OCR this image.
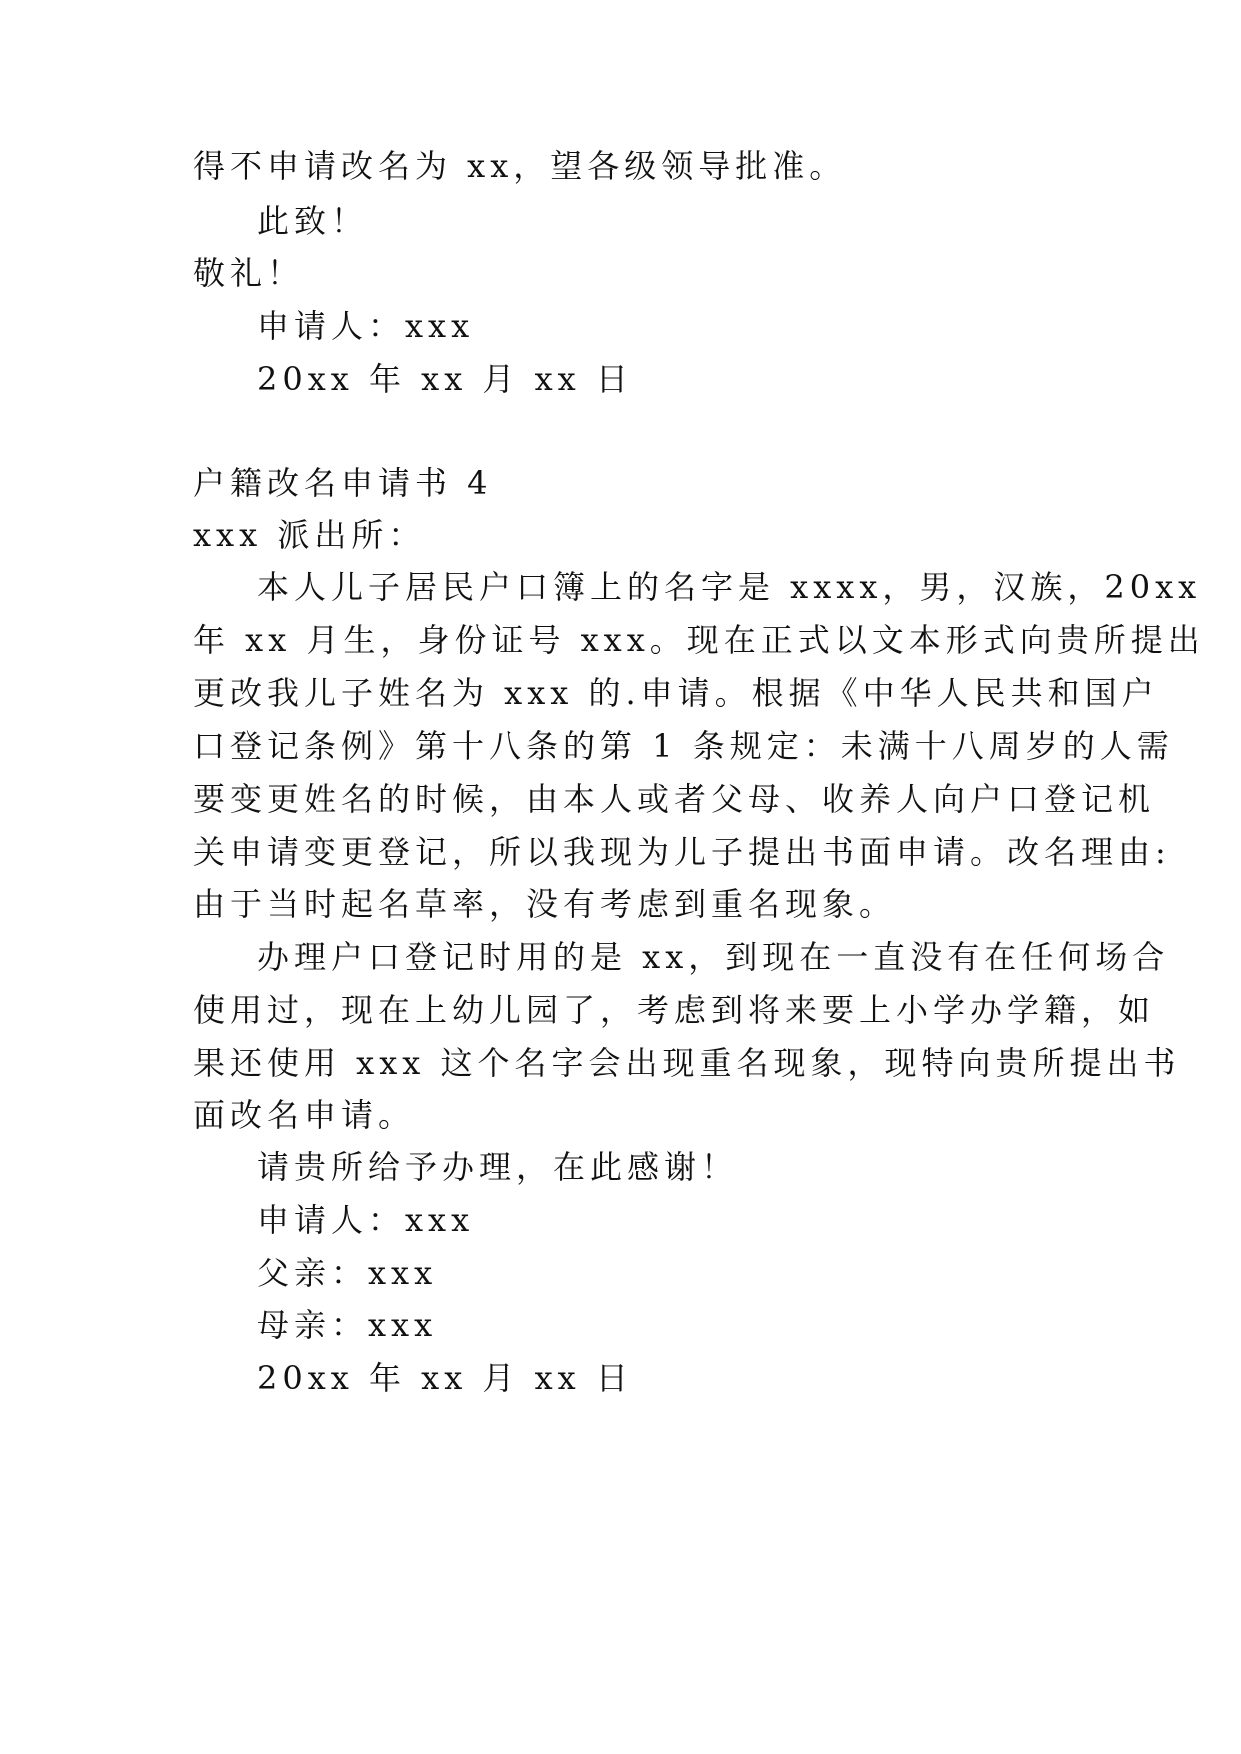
得不申请改名为 xx，望各级领导批准。
此致！
敬礼！
申请人：xxx
20xx 年 xx 月 xx 日
户籍改名申请书 4
xxx 派出所：
本人儿子居民户口簿上的名字是 xxxx，男，汉族，20xx
年 xx 月生，身份证号 xxx。现在正式以文本形式向贵所提出
更改我儿子姓名为 xxx 的.申请。根据《中华人民共和国户
口登记条例》第十八条的第 1 条规定：未满十八周岁的人需
要变更姓名的时候，由本人或者父母、收养人向户口登记机
关申请变更登记，所以我现为儿子提出书面申请。改名理由:
由于当时起名草率，没有考虑到重名现象。
办理户口登记时用的是 xx，到现在一直没有在任何场合
使用过，现在上幼儿园了，考虑到将来要上小学办学籍，如
果还使用 xxx 这个名字会出现重名现象，现特向贵所提出书
面改名申请。
请贵所给予办理，在此感谢！
申请人：xxx
父亲：xxx
母亲：xxx
20xx 年 xx 月 xx 日
